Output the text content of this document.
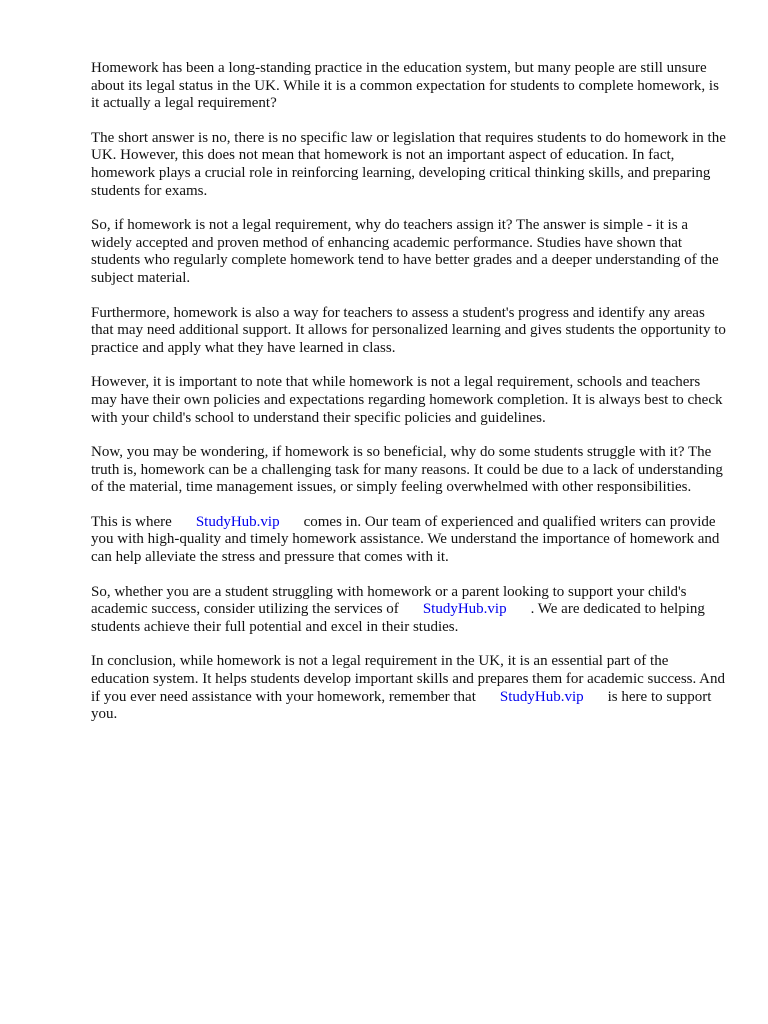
Homework has been a long-standing practice in the education system, but many people are still unsure about its legal status in the UK. While it is a common expectation for students to complete homework, is it actually a legal requirement?

The short answer is no, there is no specific law or legislation that requires students to do homework in the UK. However, this does not mean that homework is not an important aspect of education. In fact, homework plays a crucial role in reinforcing learning, developing critical thinking skills, and preparing students for exams.

So, if homework is not a legal requirement, why do teachers assign it? The answer is simple - it is a widely accepted and proven method of enhancing academic performance. Studies have shown that students who regularly complete homework tend to have better grades and a deeper understanding of the subject material.

Furthermore, homework is also a way for teachers to assess a student's progress and identify any areas that may need additional support. It allows for personalized learning and gives students the opportunity to practice and apply what they have learned in class.

However, it is important to note that while homework is not a legal requirement, schools and teachers may have their own policies and expectations regarding homework completion. It is always best to check with your child's school to understand their specific policies and guidelines.

Now, you may be wondering, if homework is so beneficial, why do some students struggle with it? The truth is, homework can be a challenging task for many reasons. It could be due to a lack of understanding of the material, time management issues, or simply feeling overwhelmed with other responsibilities.

This is where StudyHub.vip comes in. Our team of experienced and qualified writers can provide you with high-quality and timely homework assistance. We understand the importance of homework and can help alleviate the stress and pressure that comes with it.

So, whether you are a student struggling with homework or a parent looking to support your child's academic success, consider utilizing the services of StudyHub.vip . We are dedicated to helping students achieve their full potential and excel in their studies.

In conclusion, while homework is not a legal requirement in the UK, it is an essential part of the education system. It helps students develop important skills and prepares them for academic success. And if you ever need assistance with your homework, remember that StudyHub.vip is here to support you.
